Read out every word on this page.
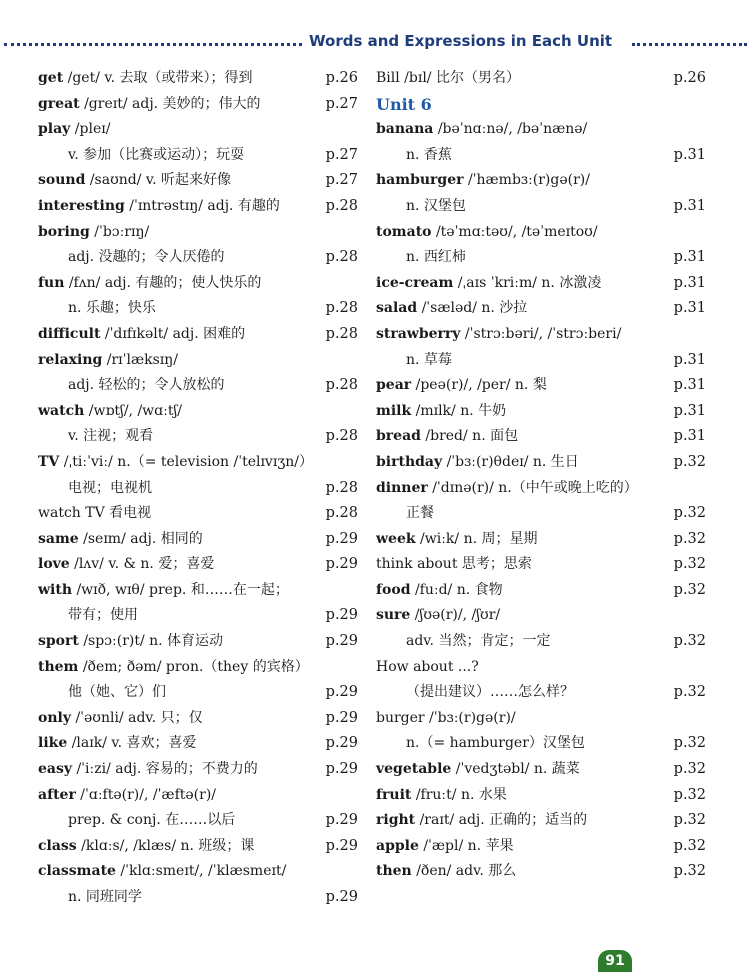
Words and Expressions in Each Unit
get /get/ v. 去取（或带来）；得到	p.26
great /greɪt/ adj. 美妙的；伟大的	p.27
play /pleɪ/
v. 参加（比赛或运动）；玩耍	p.27
sound /saʊnd/ v. 听起来好像	p.27
interesting /ˈɪntrəstɪŋ/ adj. 有趣的	p.28
boring /ˈbɔːrɪŋ/
adj. 没趣的；令人厌倦的	p.28
fun /fʌn/ adj. 有趣的；使人快乐的
n. 乐趣；快乐	p.28
difficult /ˈdɪfɪkəlt/ adj. 困难的	p.28
relaxing /rɪˈlæksɪŋ/
adj. 轻松的；令人放松的	p.28
watch /wɒtʃ/, /wɑːtʃ/
v. 注视；观看	p.28
TV /ˌtiːˈviː/ n.（= television /ˈtelɪvɪʒn/）
电视；电视机	p.28
watch TV 看电视	p.28
same /seɪm/ adj. 相同的	p.29
love /lʌv/ v. & n. 爱；喜爱	p.29
with /wɪð, wɪθ/ prep. 和……在一起；
带有；使用	p.29
sport /spɔː(r)t/ n. 体育运动	p.29
them /ðem; ðəm/ pron.（they 的宾格）
他（她、它）们	p.29
only /ˈəʊnli/ adv. 只；仅	p.29
like /laɪk/ v. 喜欢；喜爱	p.29
easy /ˈiːzi/ adj. 容易的；不费力的	p.29
after /ˈɑːftə(r)/, /ˈæftə(r)/
prep. & conj. 在……以后	p.29
class /klɑːs/, /klæs/ n. 班级；课	p.29
classmate /ˈklɑːsmeɪt/, /ˈklæsmeɪt/
n. 同班同学	p.29
Bill /bɪl/ 比尔（男名）	p.26
Unit 6
banana /bəˈnɑːnə/, /bəˈnænə/
n. 香蕉	p.31
hamburger /ˈhæmbɜː(r)gə(r)/
n. 汉堡包	p.31
tomato /təˈmɑːtəʊ/, /təˈmeɪtoʊ/
n. 西红柿	p.31
ice-cream /ˌaɪs ˈkriːm/ n. 冰激凌	p.31
salad /ˈsæləd/ n. 沙拉	p.31
strawberry /ˈstrɔːbəri/, /ˈstrɔːberi/
n. 草莓	p.31
pear /peə(r)/, /per/ n. 梨	p.31
milk /mɪlk/ n. 牛奶	p.31
bread /bred/ n. 面包	p.31
birthday /ˈbɜː(r)θdeɪ/ n. 生日	p.32
dinner /ˈdɪnə(r)/ n.（中午或晚上吃的）
正餐	p.32
week /wiːk/ n. 周；星期	p.32
think about 思考；思索	p.32
food /fuːd/ n. 食物	p.32
sure /ʃʊə(r)/, /ʃʊr/
adv. 当然；肯定；一定	p.32
How about ...?
（提出建议）……怎么样？	p.32
burger /ˈbɜː(r)gə(r)/
n.（= hamburger）汉堡包	p.32
vegetable /ˈvedʒtəbl/ n. 蔬菜	p.32
fruit /fruːt/ n. 水果	p.32
right /raɪt/ adj. 正确的；适当的	p.32
apple /ˈæpl/ n. 苹果	p.32
then /ðen/ adv. 那么	p.32
91
